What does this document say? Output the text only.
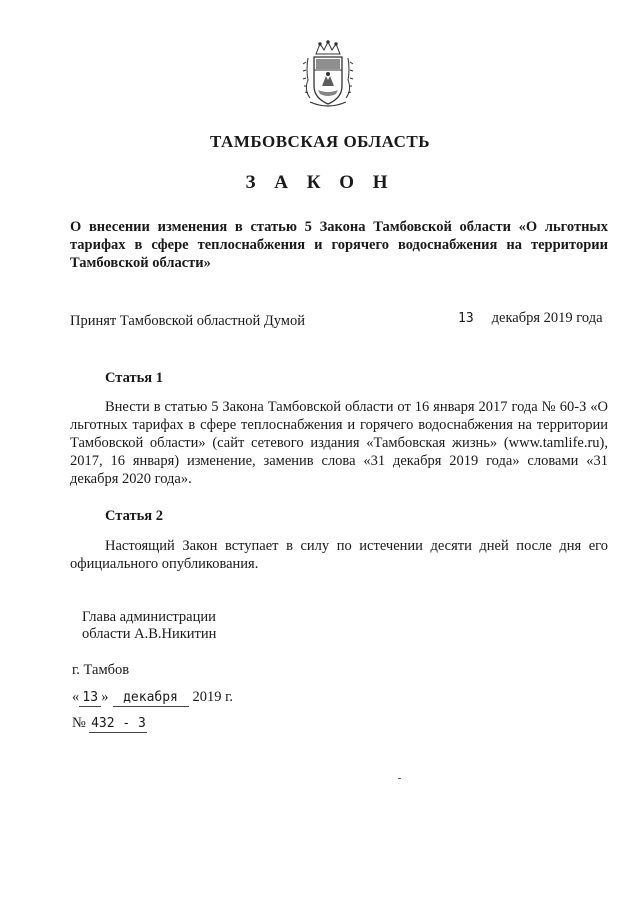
ТАМБОВСКАЯ ОБЛАСТЬ
З А К О Н
О внесении изменения в статью 5 Закона Тамбовской области «О льготных тарифах в сфере теплоснабжения и горячего водоснабжения на территории Тамбовской области»
Принят Тамбовской областной Думой	13 декабря 2019 года
Статья 1
Внести в статью 5 Закона Тамбовской области от 16 января 2017 года № 60-З «О льготных тарифах в сфере теплоснабжения и горячего водоснабжения на территории Тамбовской области» (сайт сетевого издания «Тамбовская жизнь» (www.tamlife.ru), 2017, 16 января) изменение, заменив слова «31 декабря 2019 года» словами «31 декабря 2020 года».
Статья 2
Настоящий Закон вступает в силу по истечении десяти дней после дня его официального опубликования.
Глава администрации
области А.В.Никитин
г. Тамбов
« 13 » декабря 2019 г.
№ 432 - З
